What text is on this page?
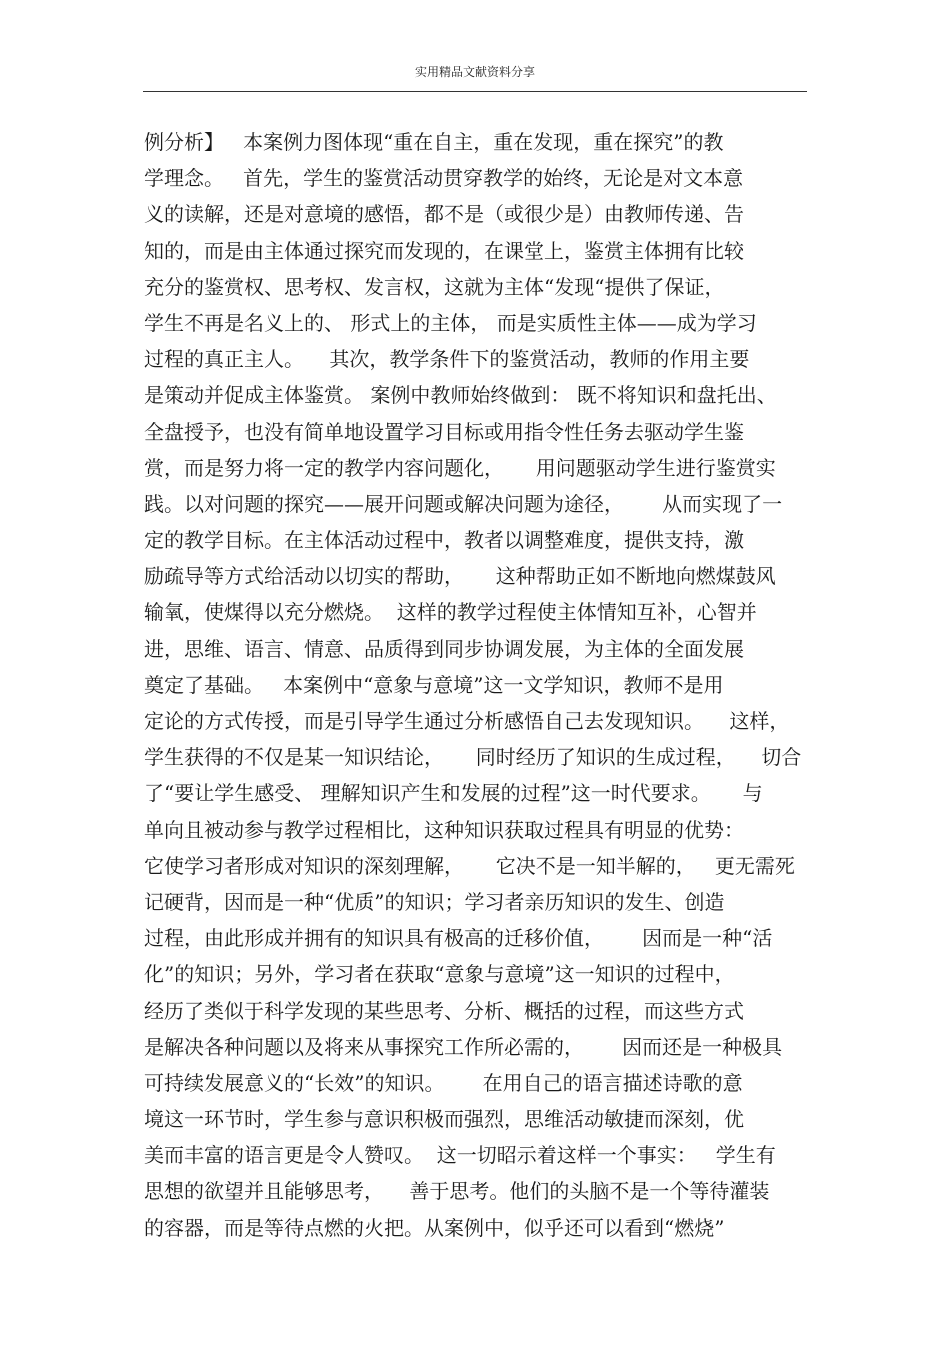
实用精品文献资料分享
例分析】   本案例力图体现“重在自主，重在发现，重在探究”的教
学理念。   首先，学生的鉴赏活动贯穿教学的始终，无论是对文本意
义的读解，还是对意境的感悟，都不是（或很少是）由教师传递、告
知的，而是由主体通过探究而发现的，在课堂上，鉴赏主体拥有比较
充分的鉴赏权、思考权、发言权，这就为主体“发现“提供了保证，
学生不再是名义上的、 形式上的主体， 而是实质性主体——成为学习
过程的真正主人。    其次，教学条件下的鉴赏活动，教师的作用主要
是策动并促成主体鉴赏。 案例中教师始终做到： 既不将知识和盘托出、
全盘授予，也没有简单地设置学习目标或用指令性任务去驱动学生鉴
赏，而是努力将一定的教学内容问题化，     用问题驱动学生进行鉴赏实
践。以对问题的探究——展开问题或解决问题为途径，      从而实现了一
定的教学目标。在主体活动过程中，教者以调整难度，提供支持，激
励疏导等方式给活动以切实的帮助，     这种帮助正如不断地向燃煤鼓风
输氧，使煤得以充分燃烧。  这样的教学过程使主体情知互补，心智并
进，思维、语言、情意、品质得到同步协调发展，为主体的全面发展
奠定了基础。   本案例中“意象与意境”这一文学知识，教师不是用
定论的方式传授，而是引导学生通过分析感悟自己去发现知识。    这样，
学生获得的不仅是某一知识结论，     同时经历了知识的生成过程，    切合
了“要让学生感受、 理解知识产生和发展的过程”这一时代要求。     与
单向且被动参与教学过程相比，这种知识获取过程具有明显的优势：
它使学习者形成对知识的深刻理解，     它决不是一知半解的，   更无需死
记硬背，因而是一种“优质”的知识；学习者亲历知识的发生、创造
过程，由此形成并拥有的知识具有极高的迁移价值，      因而是一种“活
化”的知识；另外，学习者在获取“意象与意境”这一知识的过程中，
经历了类似于科学发现的某些思考、分析、概括的过程，而这些方式
是解决各种问题以及将来从事探究工作所必需的，      因而还是一种极具
可持续发展意义的“长效”的知识。      在用自己的语言描述诗歌的意
境这一环节时，学生参与意识积极而强烈，思维活动敏捷而深刻，优
美而丰富的语言更是令人赞叹。  这一切昭示着这样一个事实：   学生有
思想的欲望并且能够思考，    善于思考。他们的头脑不是一个等待灌装
的容器，而是等待点燃的火把。从案例中，似乎还可以看到“燃烧”
